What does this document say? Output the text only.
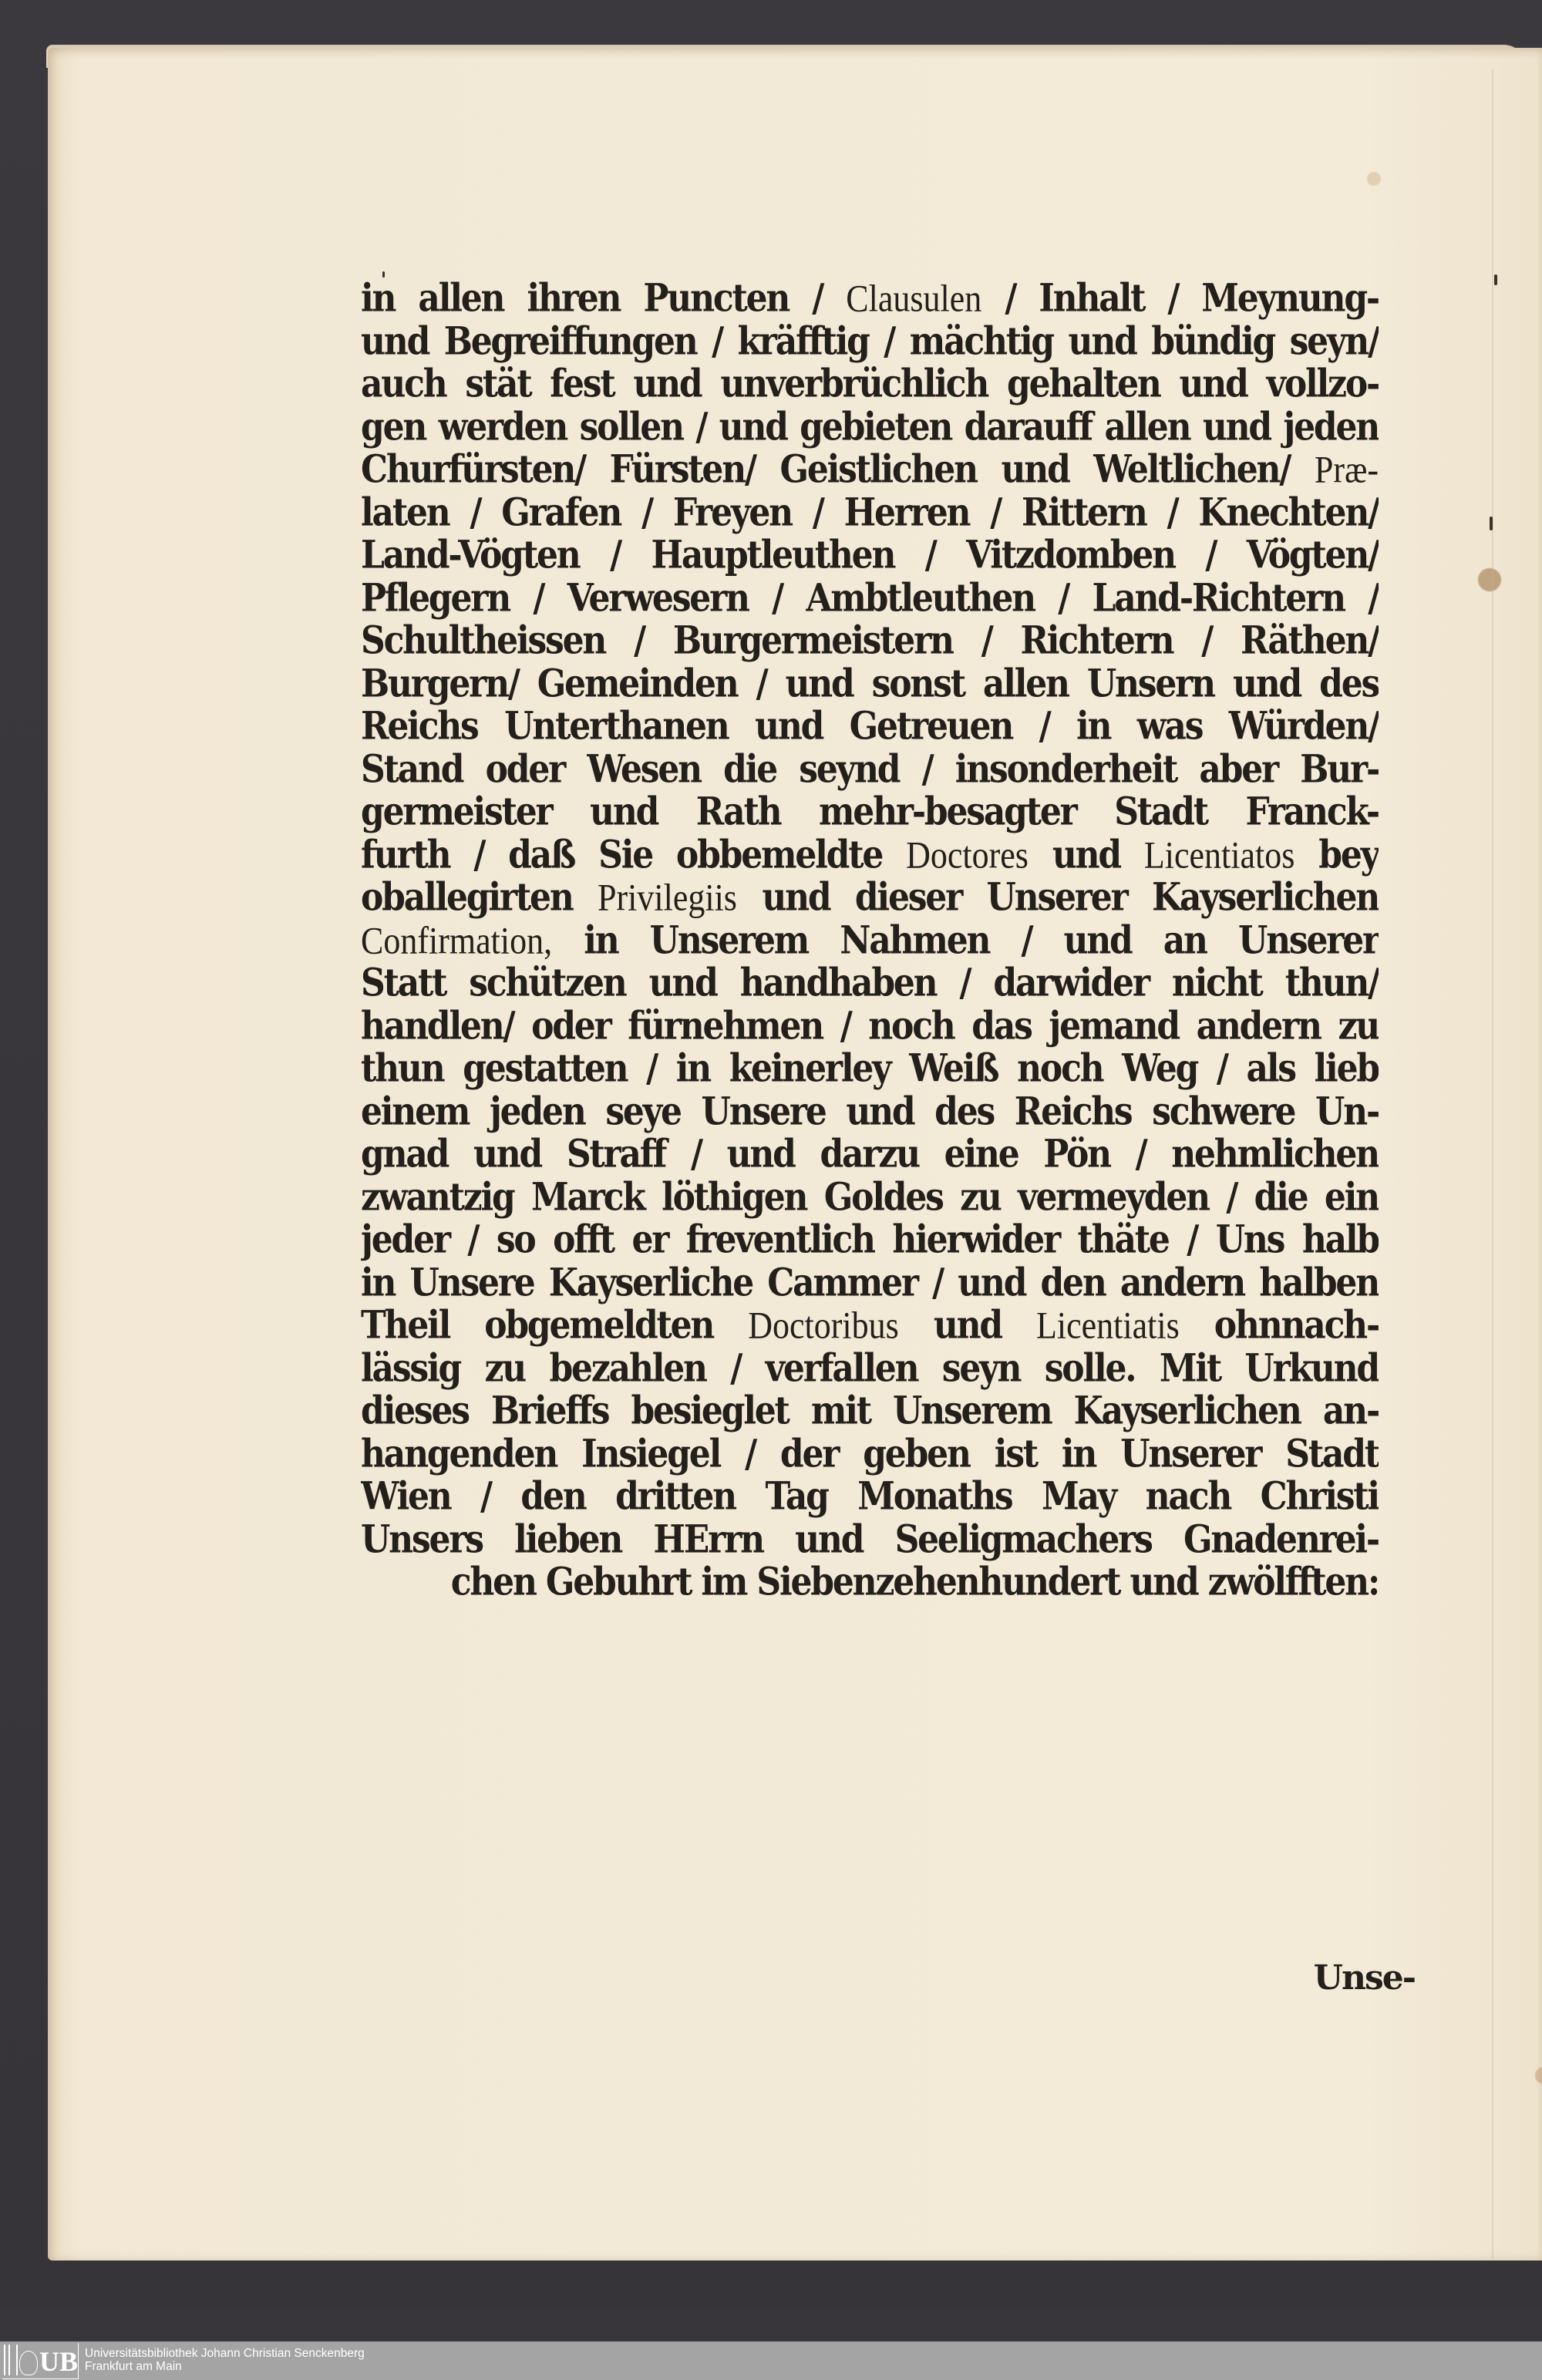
in allen ihren Puncten / Clausulen / Inhalt / Meynung-
und Begreiffungen / kräfftig / mächtig und bündig seyn/
auch stät fest und unverbrüchlich gehalten und vollzo-
gen werden sollen / und gebieten darauff allen und jeden
Churfürsten/ Fürsten/ Geistlichen und Weltlichen/ Præ-
laten / Grafen / Freyen / Herren / Rittern / Knechten/
Land-Vögten / Hauptleuthen / Vitzdomben / Vögten/
Pflegern / Verwesern / Ambtleuthen / Land-Richtern /
Schultheissen / Burgermeistern / Richtern / Räthen/
Burgern/ Gemeinden / und sonst allen Unsern und des
Reichs Unterthanen und Getreuen / in was Würden/
Stand oder Wesen die seynd / insonderheit aber Bur-
germeister und Rath mehr-besagter Stadt Franck-
furth / daß Sie obbemeldte Doctores und Licentiatos bey
oballegirten Privilegiis und dieser Unserer Kayserlichen
Confirmation, in Unserem Nahmen / und an Unserer
Statt schützen und handhaben / darwider nicht thun/
handlen/ oder fürnehmen / noch das jemand andern zu
thun gestatten / in keinerley Weiß noch Weg / als lieb
einem jeden seye Unsere und des Reichs schwere Un-
gnad und Straff / und darzu eine Pön / nehmlichen
zwantzig Marck löthigen Goldes zu vermeyden / die ein
jeder / so offt er freventlich hierwider thäte / Uns halb
in Unsere Kayserliche Cammer / und den andern halben
Theil obgemeldten Doctoribus und Licentiatis ohnnach-
lässig zu bezahlen / verfallen seyn solle. Mit Urkund
dieses Brieffs besieglet mit Unserem Kayserlichen an-
hangenden Insiegel / der geben ist in Unserer Stadt
Wien / den dritten Tag Monaths May nach Christi
Unsers lieben HErrn und Seeligmachers Gnadenrei-
chen Gebuhrt im Siebenzehenhundert und zwölfften:
Unse-
UB Universitätsbibliothek Johann Christian Senckenberg
Frankfurt am Main
